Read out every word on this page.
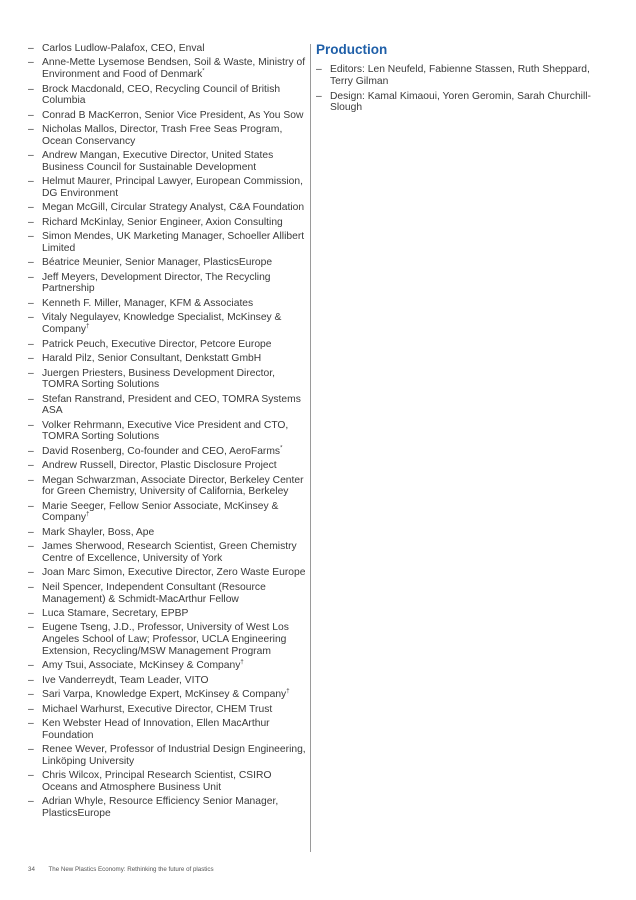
– Carlos Ludlow-Palafox, CEO, Enval
– Anne-Mette Lysemose Bendsen, Soil & Waste, Ministry of Environment and Food of Denmark*
– Brock Macdonald, CEO, Recycling Council of British Columbia
– Conrad B MacKerron, Senior Vice President, As You Sow
– Nicholas Mallos, Director, Trash Free Seas Program, Ocean Conservancy
– Andrew Mangan, Executive Director, United States Business Council for Sustainable Development
– Helmut Maurer, Principal Lawyer, European Commission, DG Environment
– Megan McGill, Circular Strategy Analyst, C&A Foundation
– Richard McKinlay, Senior Engineer, Axion Consulting
– Simon Mendes, UK Marketing Manager, Schoeller Allibert Limited
– Béatrice Meunier, Senior Manager, PlasticsEurope
– Jeff Meyers, Development Director, The Recycling Partnership
– Kenneth F. Miller, Manager, KFM & Associates
– Vitaly Negulayev, Knowledge Specialist, McKinsey & Company†
– Patrick Peuch, Executive Director, Petcore Europe
– Harald Pilz, Senior Consultant, Denkstatt GmbH
– Juergen Priesters, Business Development Director, TOMRA Sorting Solutions
– Stefan Ranstrand, President and CEO, TOMRA Systems ASA
– Volker Rehrmann, Executive Vice President and CTO, TOMRA Sorting Solutions
– David Rosenberg, Co-founder and CEO, AeroFarms*
– Andrew Russell, Director, Plastic Disclosure Project
– Megan Schwarzman, Associate Director, Berkeley Center for Green Chemistry, University of California, Berkeley
– Marie Seeger, Fellow Senior Associate, McKinsey & Company†
– Mark Shayler, Boss, Ape
– James Sherwood, Research Scientist, Green Chemistry Centre of Excellence, University of York
– Joan Marc Simon, Executive Director, Zero Waste Europe
– Neil Spencer, Independent Consultant (Resource Management) & Schmidt-MacArthur Fellow
– Luca Stamare, Secretary, EPBP
– Eugene Tseng, J.D., Professor, University of West Los Angeles School of Law; Professor, UCLA Engineering Extension, Recycling/MSW Management Program
– Amy Tsui, Associate, McKinsey & Company†
– Ive Vanderreydt, Team Leader, VITO
– Sari Varpa, Knowledge Expert, McKinsey & Company†
– Michael Warhurst, Executive Director, CHEM Trust
– Ken Webster Head of Innovation, Ellen MacArthur Foundation
– Renee Wever, Professor of Industrial Design Engineering, Linköping University
– Chris Wilcox, Principal Research Scientist, CSIRO Oceans and Atmosphere Business Unit
– Adrian Whyle, Resource Efficiency Senior Manager, PlasticsEurope
Production
– Editors: Len Neufeld, Fabienne Stassen, Ruth Sheppard, Terry Gilman
– Design: Kamal Kimaoui, Yoren Geromin, Sarah Churchill-Slough
34 The New Plastics Economy: Rethinking the future of plastics
